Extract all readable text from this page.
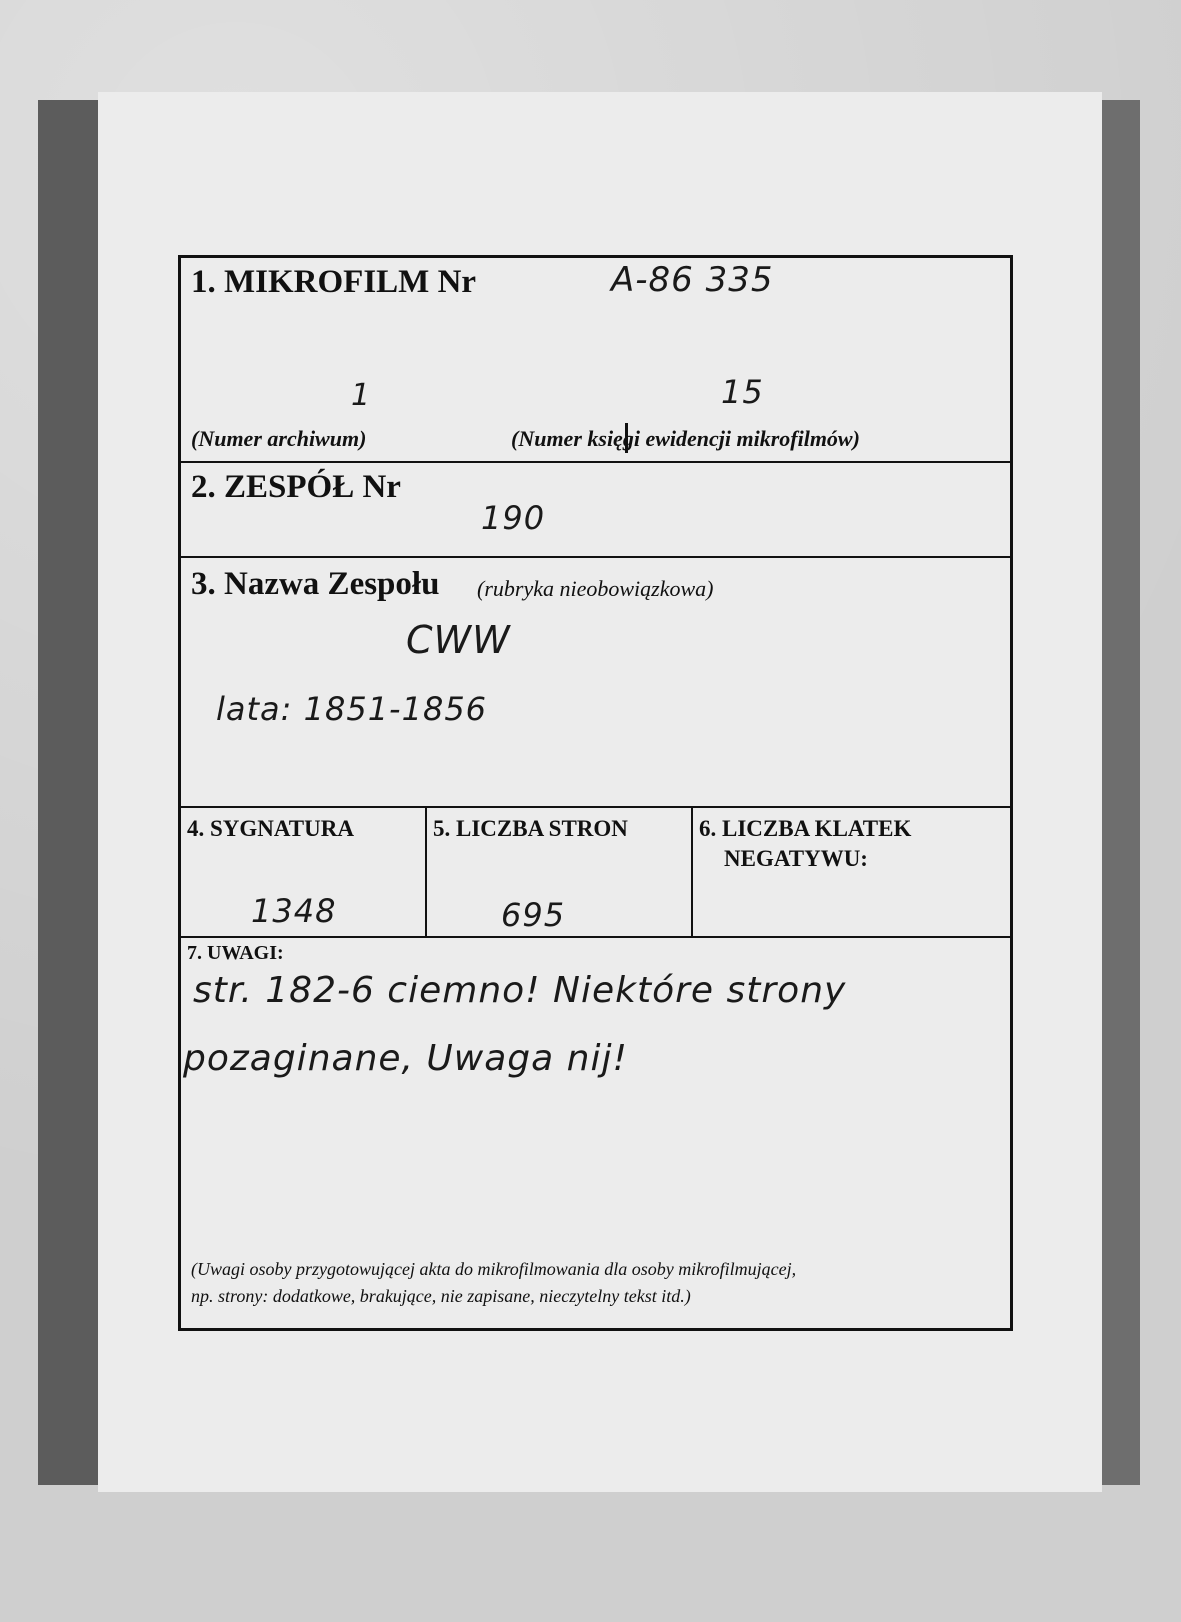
1. MIKROFILM Nr	A-86 335
1	15
(Numer archiwum)	(Numer księgi ewidencji mikrofilmów)
2. ZESPÓŁ Nr
190
3. Nazwa Zespołu (rubryka nieobowiązkowa)
CWW
lata: 1851-1856
4. SYGNATURA
1348
5. LICZBA STRON
695
6. LICZBA KLATEK
NEGATYWU:
7. UWAGI:
str. 182-6 ciemno! Niektóre strony
pozaginane, Uwaga nij!
(Uwagi osoby przygotowującej akta do mikrofilmowania dla osoby mikrofilmującej,
np. strony: dodatkowe, brakujące, nie zapisane, nieczytelny tekst itd.)
